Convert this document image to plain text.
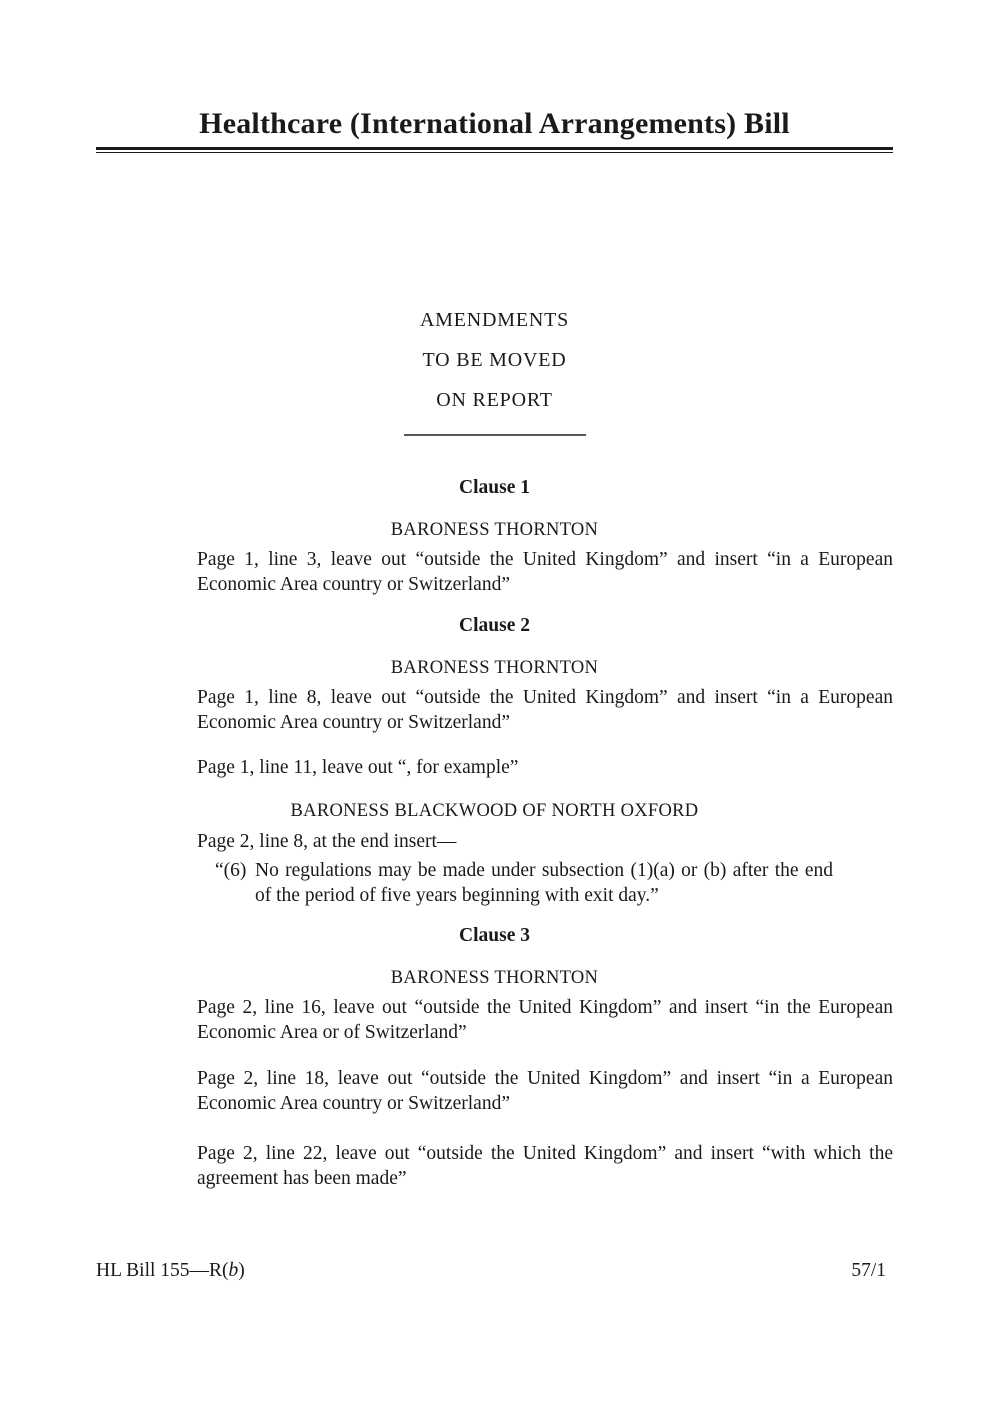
Healthcare (International Arrangements) Bill
AMENDMENTS
TO BE MOVED
ON REPORT
Clause 1
BARONESS THORNTON
Page 1, line 3, leave out “outside the United Kingdom” and insert “in a European Economic Area country or Switzerland”
Clause 2
BARONESS THORNTON
Page 1, line 8, leave out “outside the United Kingdom” and insert “in a European Economic Area country or Switzerland”
Page 1, line 11, leave out “, for example”
BARONESS BLACKWOOD OF NORTH OXFORD
Page 2, line 8, at the end insert—
“(6) No regulations may be made under subsection (1)(a) or (b) after the end of the period of five years beginning with exit day.”
Clause 3
BARONESS THORNTON
Page 2, line 16, leave out “outside the United Kingdom” and insert “in the European Economic Area or of Switzerland”
Page 2, line 18, leave out “outside the United Kingdom” and insert “in a European Economic Area country or Switzerland”
Page 2, line 22, leave out “outside the United Kingdom” and insert “with which the agreement has been made”
HL Bill 155—R(b)	57/1
